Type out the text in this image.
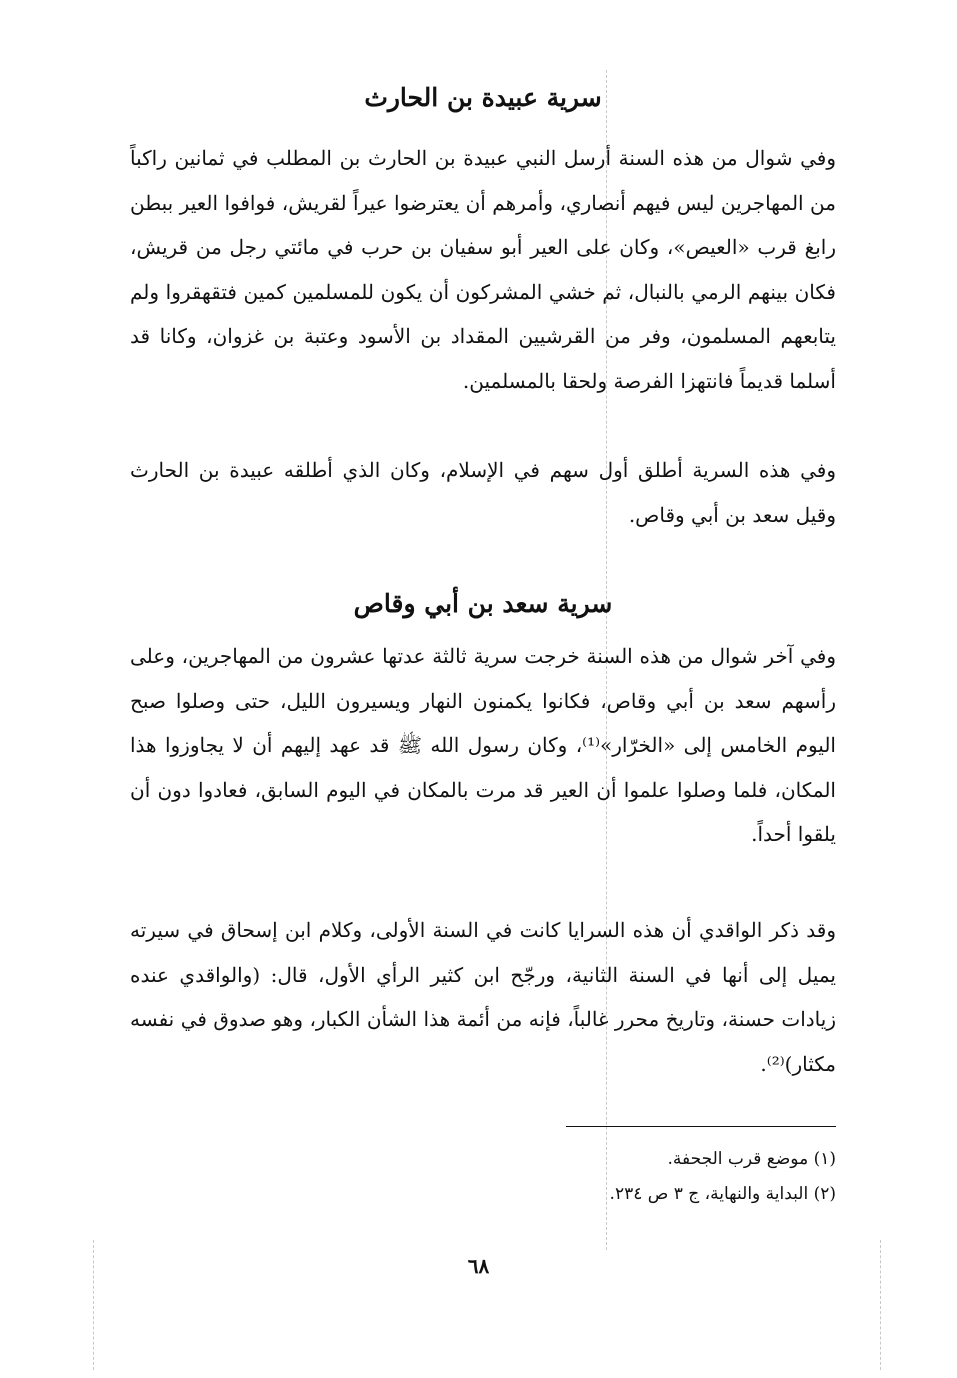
سرية عبيدة بن الحارث

وفي شوال من هذه السنة أرسل النبي عبيدة بن الحارث بن المطلب في ثمانين راكباً من المهاجرين ليس فيهم أنصاري، وأمرهم أن يعترضوا عيراً لقريش، فوافوا العير ببطن رابغ قرب «العيص»، وكان على العير أبو سفيان بن حرب في مائتي رجل من قريش، فكان بينهم الرمي بالنبال، ثم خشي المشركون أن يكون للمسلمين كمين فتقهقروا ولم يتابعهم المسلمون، وفر من القرشيين المقداد بن الأسود وعتبة بن غزوان، وكانا قد أسلما قديماً فانتهزا الفرصة ولحقا بالمسلمين.

وفي هذه السرية أطلق أول سهم في الإسلام، وكان الذي أطلقه عبيدة بن الحارث وقيل سعد بن أبي وقاص.

سرية سعد بن أبي وقاص

وفي آخر شوال من هذه السنة خرجت سرية ثالثة عدتها عشرون من المهاجرين، وعلى رأسهم سعد بن أبي وقاص، فكانوا يكمنون النهار ويسيرون الليل، حتى وصلوا صبح اليوم الخامس إلى «الخرّار»⁽¹⁾، وكان رسول الله ﷺ قد عهد إليهم أن لا يجاوزوا هذا المكان، فلما وصلوا علموا أن العير قد مرت بالمكان في اليوم السابق، فعادوا دون أن يلقوا أحداً.

وقد ذكر الواقدي أن هذه السرايا كانت في السنة الأولى، وكلام ابن إسحاق في سيرته يميل إلى أنها في السنة الثانية، ورجّح ابن كثير الرأي الأول، قال: (والواقدي عنده زيادات حسنة، وتاريخ محرر غالباً، فإنه من أئمة هذا الشأن الكبار، وهو صدوق في نفسه مكثار)⁽²⁾.

(١) موضع قرب الجحفة.

(٢) البداية والنهاية، ج ٣ ص ٢٣٤.

٦٨
